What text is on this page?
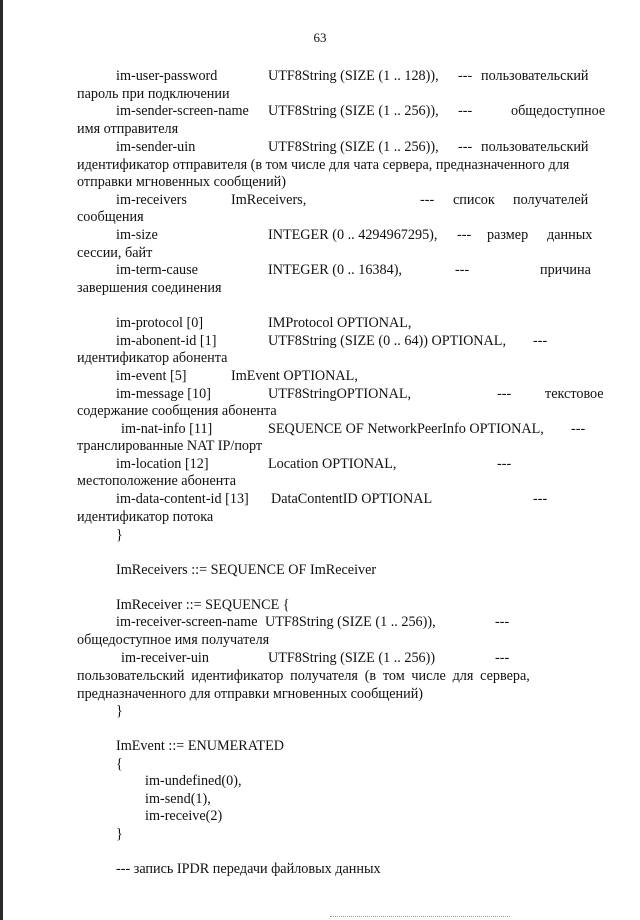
63
im-user-password	UTF8String (SIZE (1 .. 128)), --- пользовательский
пароль при подключении
im-sender-screen-name UTF8String (SIZE (1 .. 256)), ---	общедоступное
имя отправителя
im-sender-uin	UTF8String (SIZE (1 .. 256)), --- пользовательский
идентификатор отправителя (в том числе для чата сервера, предназначенного для
отправки мгновенных сообщений)
im-receivers	ImReceivers,	--- список получателей
сообщения
im-size	INTEGER (0 .. 4294967295), --- размер данных
сессии, байт
im-term-cause	INTEGER (0 .. 16384),	---	причина
завершения соединения
im-protocol [0]	IMProtocol OPTIONAL,
im-abonent-id [1]	UTF8String (SIZE (0 .. 64)) OPTIONAL, ---
идентификатор абонента
im-event [5]	ImEvent OPTIONAL,
im-message [10]	UTF8StringOPTIONAL,	--- текстовое
содержание сообщения абонента
im-nat-info [11]	SEQUENCE OF NetworkPeerInfo OPTIONAL, ---
транслированные NAT IP/порт
im-location [12]	Location OPTIONAL,	---
местоположение абонента
im-data-content-id [13] DataContentID OPTIONAL	---
идентификатор потока
}
ImReceivers ::= SEQUENCE OF ImReceiver
ImReceiver ::= SEQUENCE {
im-receiver-screen-name UTF8String (SIZE (1 .. 256)),	---
общедоступное имя получателя
im-receiver-uin	UTF8String (SIZE (1 .. 256))	---
пользовательский идентификатор получателя (в том числе для сервера,
предназначенного для отправки мгновенных сообщений)
}
ImEvent ::= ENUMERATED
{
im-undefined(0),
im-send(1),
im-receive(2)
}
--- запись IPDR передачи файловых данных
